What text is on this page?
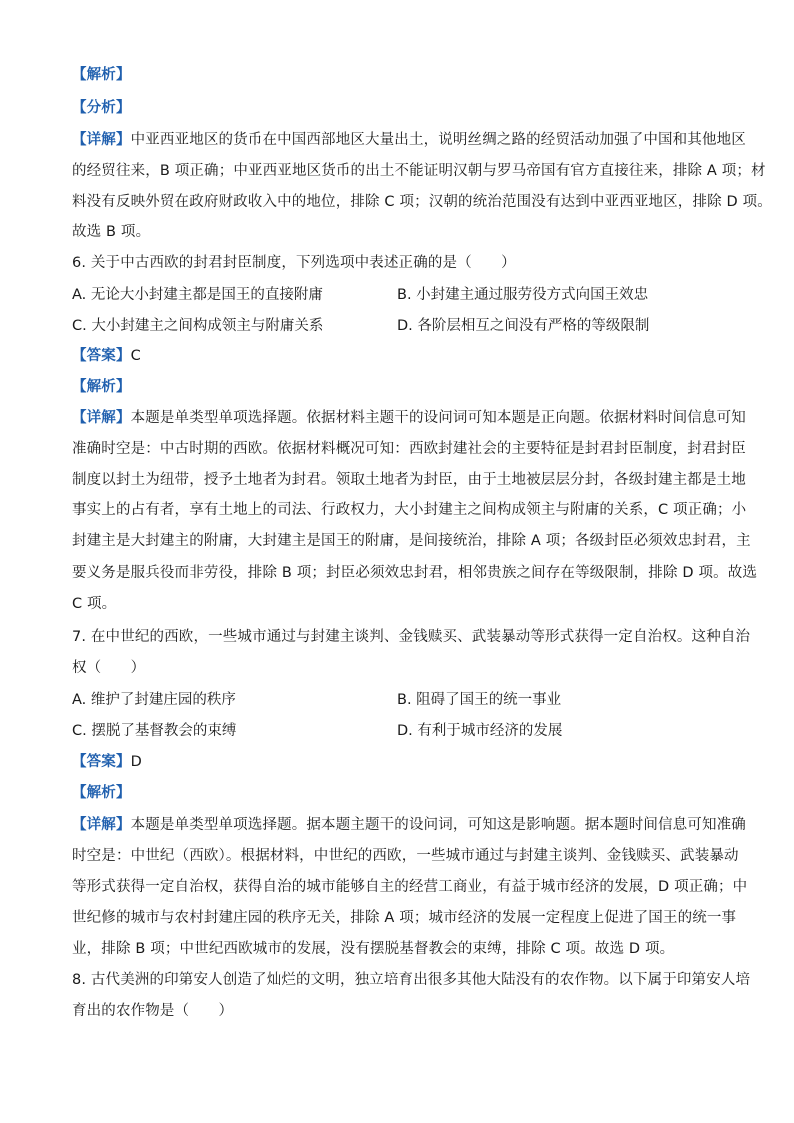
【解析】
【分析】
【详解】中亚西亚地区的货币在中国西部地区大量出土，说明丝绸之路的经贸活动加强了中国和其他地区
的经贸往来，B 项正确；中亚西亚地区货币的出土不能证明汉朝与罗马帝国有官方直接往来，排除 A 项；材
料没有反映外贸在政府财政收入中的地位，排除 C 项；汉朝的统治范围没有达到中亚西亚地区，排除 D 项。
故选 B 项。
6. 关于中古西欧的封君封臣制度，下列选项中表述正确的是（　　）
A. 无论大小封建主都是国王的直接附庸	B. 小封建主通过服劳役方式向国王效忠
C. 大小封建主之间构成领主与附庸关系	D. 各阶层相互之间没有严格的等级限制
【答案】C
【解析】
【详解】本题是单类型单项选择题。依据材料主题干的设问词可知本题是正向题。依据材料时间信息可知
准确时空是：中古时期的西欧。依据材料概况可知：西欧封建社会的主要特征是封君封臣制度，封君封臣
制度以封土为纽带，授予土地者为封君。领取土地者为封臣，由于土地被层层分封，各级封建主都是土地
事实上的占有者，享有土地上的司法、行政权力，大小封建主之间构成领主与附庸的关系，C 项正确；小
封建主是大封建主的附庸，大封建主是国王的附庸，是间接统治，排除 A 项；各级封臣必须效忠封君，主
要义务是服兵役而非劳役，排除 B 项；封臣必须效忠封君，相邻贵族之间存在等级限制，排除 D 项。故选
C 项。
7. 在中世纪的西欧，一些城市通过与封建主谈判、金钱赎买、武装暴动等形式获得一定自治权。这种自治
权（　　）
A. 维护了封建庄园的秩序	B. 阻碍了国王的统一事业
C. 摆脱了基督教会的束缚	D. 有利于城市经济的发展
【答案】D
【解析】
【详解】本题是单类型单项选择题。据本题主题干的设问词，可知这是影响题。据本题时间信息可知准确
时空是：中世纪（西欧）。根据材料，中世纪的西欧，一些城市通过与封建主谈判、金钱赎买、武装暴动
等形式获得一定自治权，获得自治的城市能够自主的经营工商业，有益于城市经济的发展，D 项正确；中
世纪修的城市与农村封建庄园的秩序无关，排除 A 项；城市经济的发展一定程度上促进了国王的统一事
业，排除 B 项；中世纪西欧城市的发展，没有摆脱基督教会的束缚，排除 C 项。故选 D 项。
8. 古代美洲的印第安人创造了灿烂的文明，独立培育出很多其他大陆没有的农作物。以下属于印第安人培
育出的农作物是（　　）
